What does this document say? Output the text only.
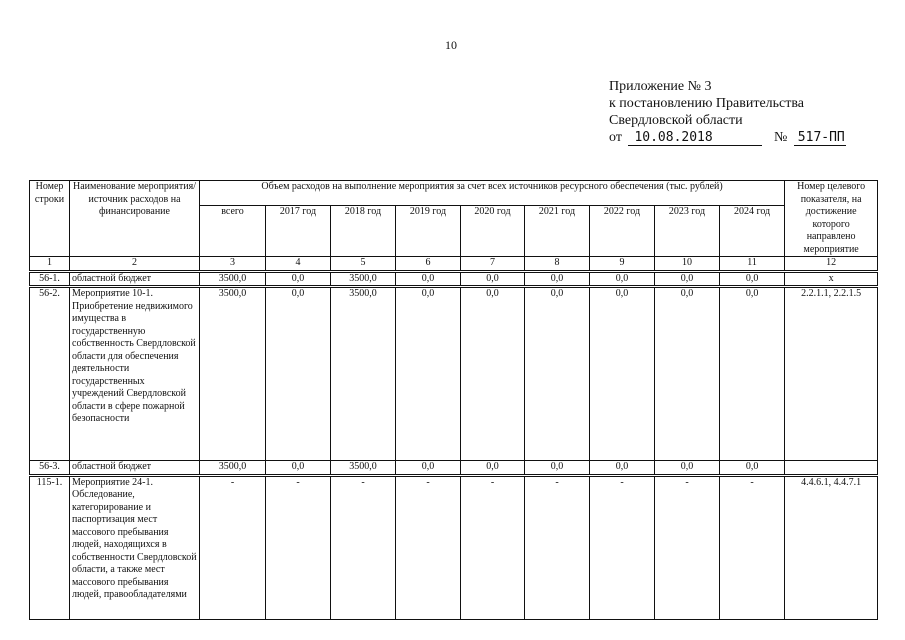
10
Приложение № 3
к постановлению Правительства
Свердловской области
от 10.08.2018	№ 517-ПП
Номер строки	Наименование мероприятия/источник расходов на финансирование	Объем расходов на выполнение мероприятия за счет всех источников ресурсного обеспечения (тыс. рублей)									Номер целевого показателя, на достижение которого направлено мероприятие
		всего	2017 год	2018 год	2019 год	2020 год	2021 год	2022 год	2023 год	2024 год	
1	2	3	4	5	6	7	8	9	10	11	12
56-1.	областной бюджет	3500,0	0,0	3500,0	0,0	0,0	0,0	0,0	0,0	0,0	x
56-2.	Мероприятие 10-1. Приобретение недвижимого имущества в государственную собственность Свердловской области для обеспечения деятельности государственных учреждений Свердловской области в сфере пожарной безопасности	3500,0	0,0	3500,0	0,0	0,0	0,0	0,0	0,0	0,0	2.2.1.1, 2.2.1.5
56-3.	областной бюджет	3500,0	0,0	3500,0	0,0	0,0	0,0	0,0	0,0	0,0	
115-1.	Мероприятие 24-1. Обследование, категорирование и паспортизация мест массового пребывания людей, находящихся в собственности Свердловской области, а также мест массового пребывания людей, правообладателями	-	-	-	-	-	-	-	-	-	4.4.6.1, 4.4.7.1
